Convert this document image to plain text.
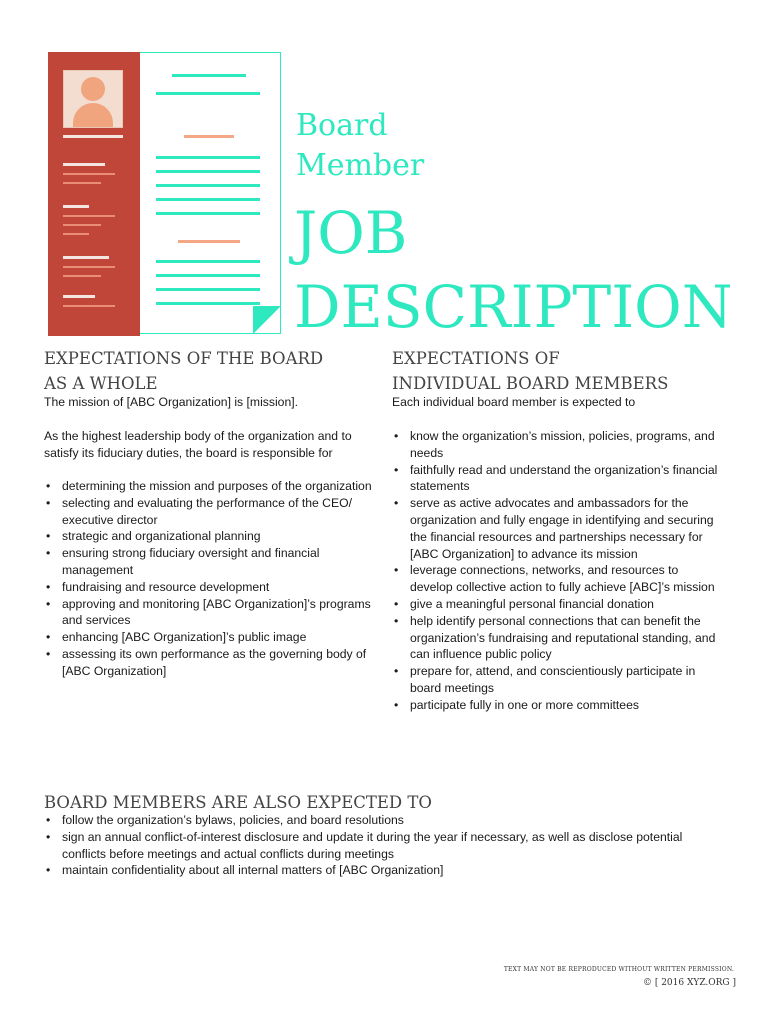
Board
Member
JOB
DESCRIPTION
EXPECTATIONS OF THE BOARD
AS A WHOLE

The mission of [ABC Organization] is [mission].

As the highest leadership body of the organization and to satisfy its fiduciary duties, the board is responsible for

• determining the mission and purposes of the organization
• selecting and evaluating the performance of the CEO/ executive director
• strategic and organizational planning
• ensuring strong fiduciary oversight and financial management
• fundraising and resource development
• approving and monitoring [ABC Organization]’s programs and services
• enhancing [ABC Organization]’s public image
• assessing its own performance as the governing body of [ABC Organization]
EXPECTATIONS OF
INDIVIDUAL BOARD MEMBERS

Each individual board member is expected to

• know the organization’s mission, policies, programs, and needs
• faithfully read and understand the organization’s financial statements
• serve as active advocates and ambassadors for the organization and fully engage in identifying and securing the financial resources and partnerships necessary for [ABC Organization] to advance its mission
• leverage connections, networks, and resources to develop collective action to fully achieve [ABC]’s mission
• give a meaningful personal financial donation
• help identify personal connections that can benefit the organization’s fundraising and reputational standing, and can influence public policy
• prepare for, attend, and conscientiously participate in board meetings
• participate fully in one or more committees
BOARD MEMBERS ARE ALSO EXPECTED TO
• follow the organization’s bylaws, policies, and board resolutions
• sign an annual conflict-of-interest disclosure and update it during the year if necessary, as well as disclose potential conflicts before meetings and actual conflicts during meetings
• maintain confidentiality about all internal matters of [ABC Organization]
TEXT MAY NOT BE REPRODUCED WITHOUT WRITTEN PERMISSION.
© [ 2016 XYZ.ORG ]
